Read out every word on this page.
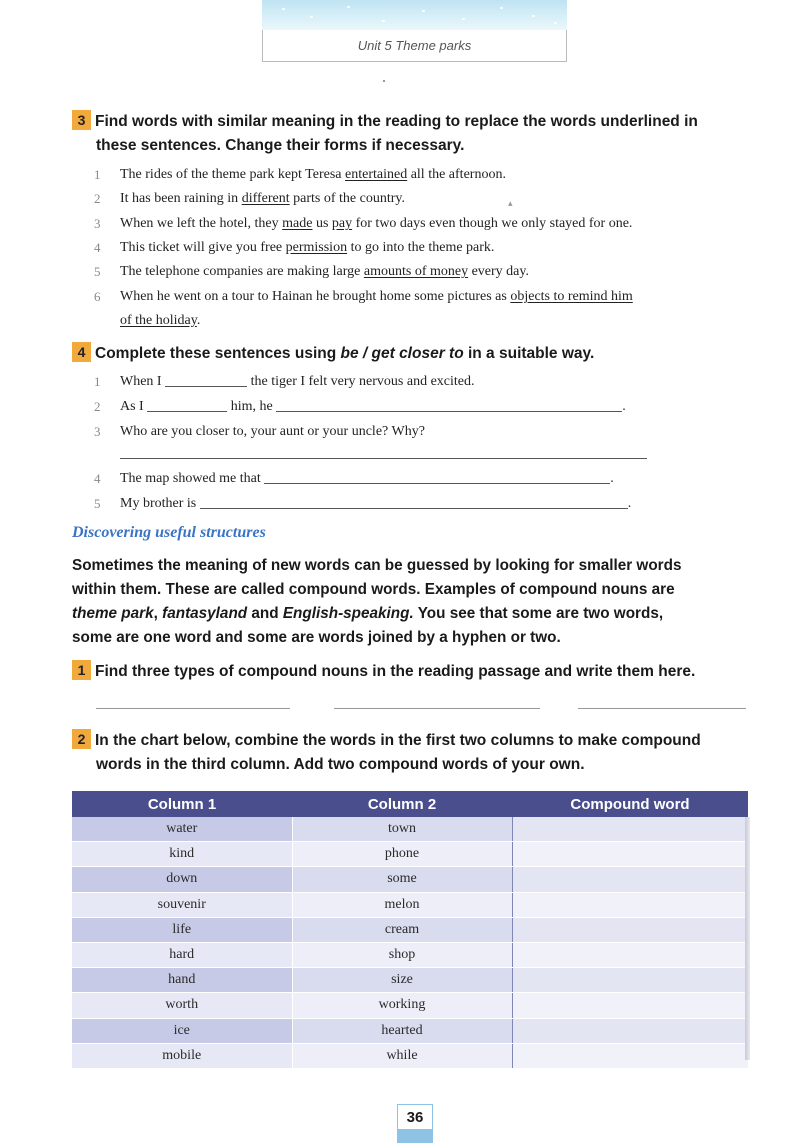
Unit 5 Theme parks
3 Find words with similar meaning in the reading to replace the words underlined in
these sentences. Change their forms if necessary.
1	The rides of the theme park kept Teresa entertained all the afternoon.
2	It has been raining in different parts of the country.	▴
3	When we left the hotel, they made us pay for two days even though we only stayed for one.
4	This ticket will give you free permission to go into the theme park.
5	The telephone companies are making large amounts of money every day.
6	When he went on a tour to Hainan he brought home some pictures as objects to remind him
of the holiday.
4 Complete these sentences using be / get closer to in a suitable way.
1	When I	the tiger I felt very nervous and excited.
2	As I	him, he	.
3	Who are you closer to, your aunt or your uncle? Why?
4	The map showed me that	.
5	My brother is	.
Discovering useful structures
Sometimes the meaning of new words can be guessed by looking for smaller words
within them. These are called compound words. Examples of compound nouns are
theme park, fantasyland and English-speaking. You see that some are two words,
some are one word and some are words joined by a hyphen or two.
1 Find three types of compound nouns in the reading passage and write them here.
2 In the chart below, combine the words in the first two columns to make compound
words in the third column. Add two compound words of your own.
Column 1	Column 2	Compound word
water	town	
kind	phone	
down	some	
souvenir	melon	
life	cream	
hard	shop	
hand	size	
worth	working	
ice	hearted	
mobile	while	
36
